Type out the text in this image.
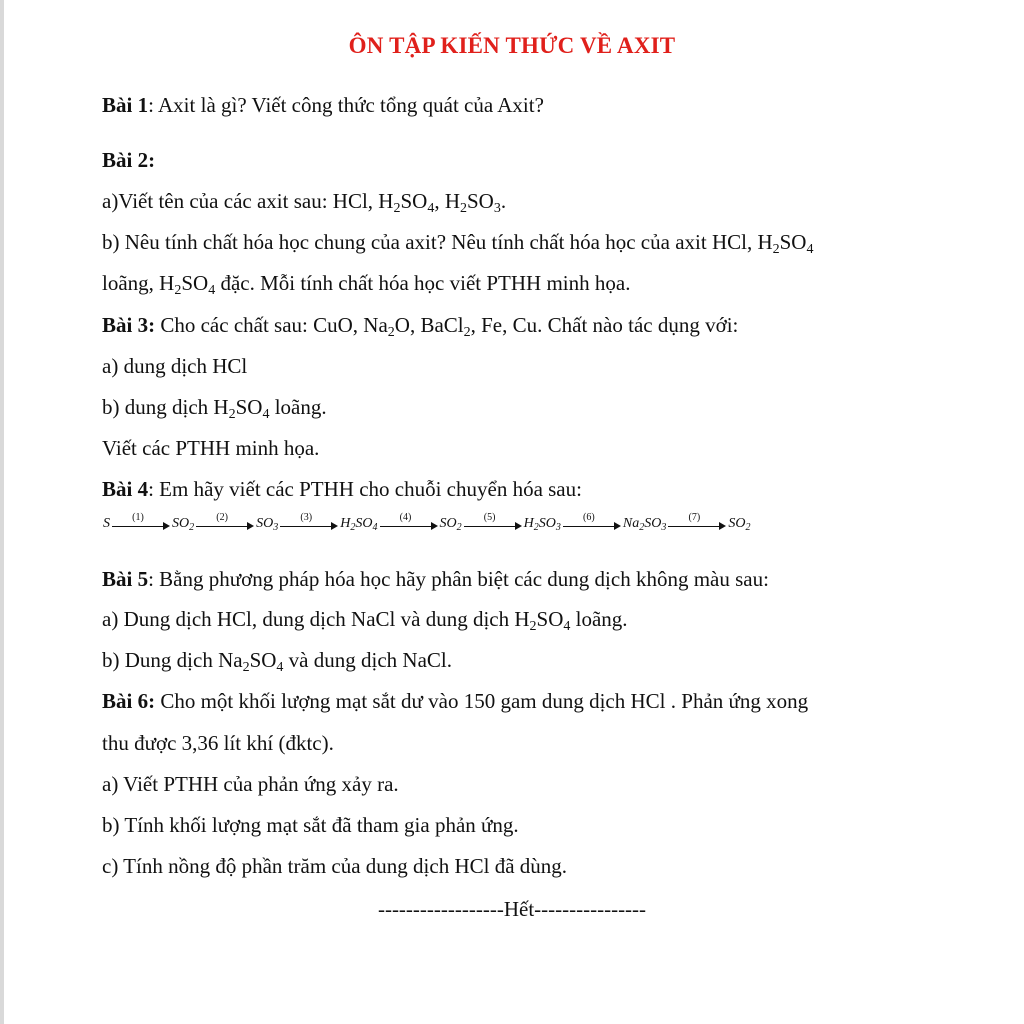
ÔN TẬP KIẾN THỨC VỀ AXIT
Bài 1: Axit là gì? Viết công thức tổng quát của Axit?
Bài 2:
a)Viết tên của các axit sau: HCl, $H_2SO_4$, $H_2SO_3$.
b) Nêu tính chất hóa học chung của axit? Nêu tính chất hóa học của axit HCl, $H_2SO_4$
loãng, $H_2SO_4$ đặc. Mỗi tính chất hóa học viết PTHH minh họa.
Bài 3: Cho các chất sau: CuO, $Na_2O$, BaCl$_2$, Fe, Cu. Chất nào tác dụng với:
a) dung dịch HCl
b) dung dịch $H_2SO_4$ loãng.
Viết các PTHH minh họa.
Bài 4: Em hãy viết các PTHH cho chuỗi chuyển hóa sau:
S	(1)	$SO_2$
(2)	$SO_3$
(3)	$H_2SO_4$
(4)	$SO_2$
(5)	$H_2SO_3$
(6)	$Na_2SO_3$
(7)	$SO_2$
Bài 5: Bằng phương pháp hóa học hãy phân biệt các dung dịch không màu sau:
a) Dung dịch HCl, dung dịch NaCl và dung dịch $H_2SO_4$ loãng.
b) Dung dịch $Na_2SO_4$ và dung dịch NaCl.
Bài 6: Cho một khối lượng mạt sắt dư vào 150 gam dung dịch HCl . Phản ứng xong
thu được 3,36 lít khí (đktc).
a) Viết PTHH của phản ứng xảy ra.
b) Tính khối lượng mạt sắt đã tham gia phản ứng.
c) Tính nồng độ phần trăm của dung dịch HCl đã dùng.
------------------Hết----------------
